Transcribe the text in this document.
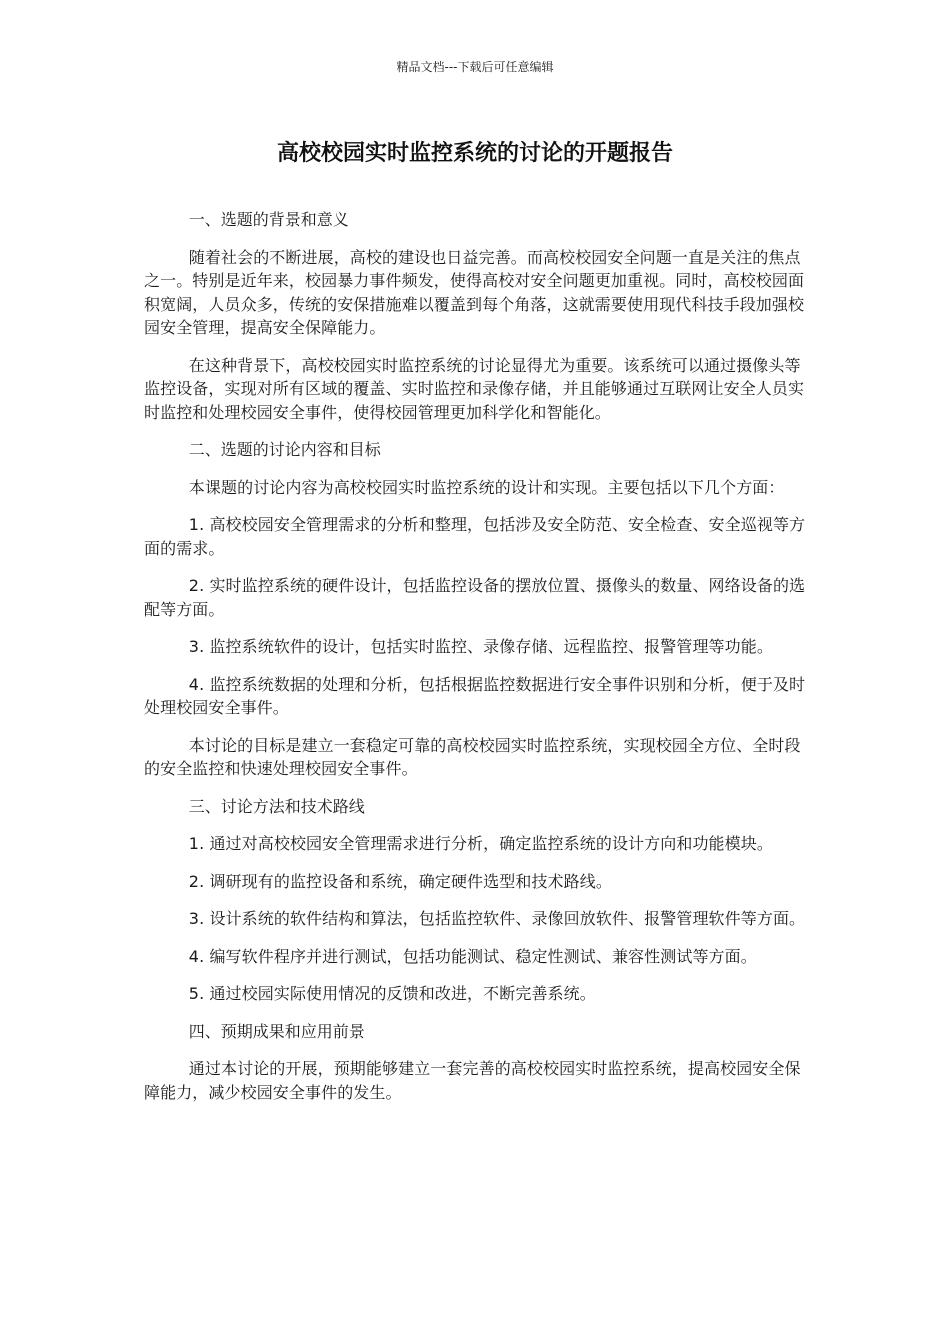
精品文档---下载后可任意编辑
高校校园实时监控系统的讨论的开题报告

一、选题的背景和意义

随着社会的不断进展，高校的建设也日益完善。而高校校园安全问题一直是关注的焦点之一。特别是近年来，校园暴力事件频发，使得高校对安全问题更加重视。同时，高校校园面积宽阔，人员众多，传统的安保措施难以覆盖到每个角落，这就需要使用现代科技手段加强校园安全管理，提高安全保障能力。

在这种背景下，高校校园实时监控系统的讨论显得尤为重要。该系统可以通过摄像头等监控设备，实现对所有区域的覆盖、实时监控和录像存储，并且能够通过互联网让安全人员实时监控和处理校园安全事件，使得校园管理更加科学化和智能化。

二、选题的讨论内容和目标

本课题的讨论内容为高校校园实时监控系统的设计和实现。主要包括以下几个方面：

1. 高校校园安全管理需求的分析和整理，包括涉及安全防范、安全检查、安全巡视等方面的需求。

2. 实时监控系统的硬件设计，包括监控设备的摆放位置、摄像头的数量、网络设备的选配等方面。

3. 监控系统软件的设计，包括实时监控、录像存储、远程监控、报警管理等功能。

4. 监控系统数据的处理和分析，包括根据监控数据进行安全事件识别和分析，便于及时处理校园安全事件。

本讨论的目标是建立一套稳定可靠的高校校园实时监控系统，实现校园全方位、全时段的安全监控和快速处理校园安全事件。

三、讨论方法和技术路线

1. 通过对高校校园安全管理需求进行分析，确定监控系统的设计方向和功能模块。

2. 调研现有的监控设备和系统，确定硬件选型和技术路线。

3. 设计系统的软件结构和算法，包括监控软件、录像回放软件、报警管理软件等方面。

4. 编写软件程序并进行测试，包括功能测试、稳定性测试、兼容性测试等方面。

5. 通过校园实际使用情况的反馈和改进，不断完善系统。

四、预期成果和应用前景

通过本讨论的开展，预期能够建立一套完善的高校校园实时监控系统，提高校园安全保障能力，减少校园安全事件的发生。
